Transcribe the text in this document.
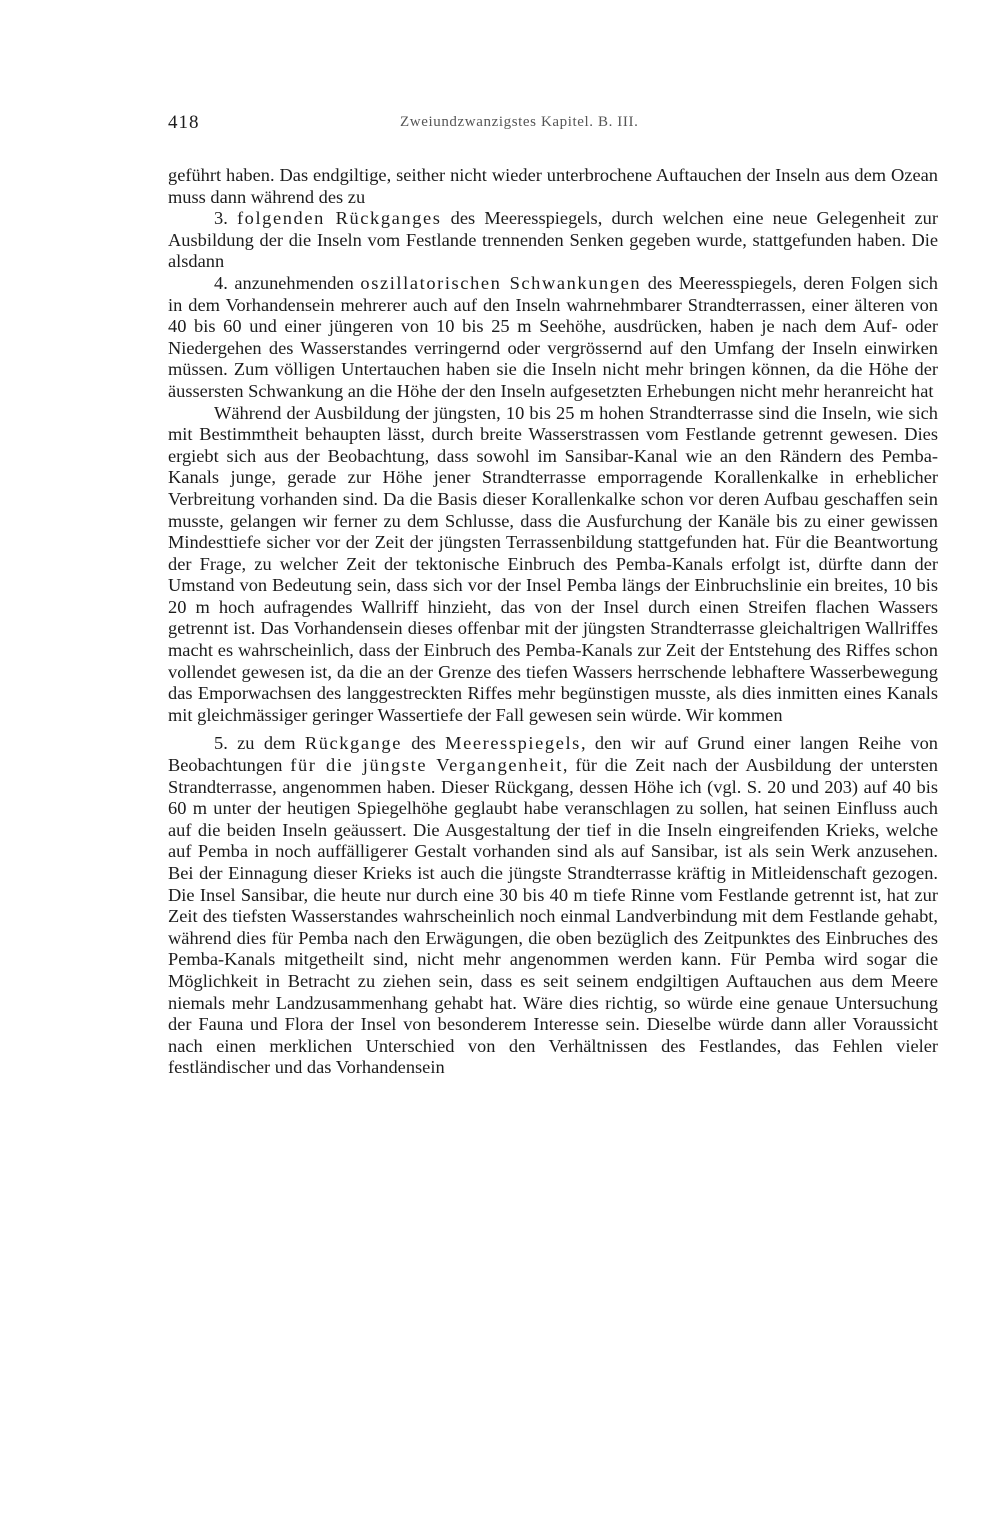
418	Zweiundzwanzigstes Kapitel. B. III.

geführt haben. Das endgiltige, seither nicht wieder unterbrochene Auftauchen der Inseln aus dem Ozean muss dann während des zu

3. folgenden Rückganges des Meeresspiegels, durch welchen eine neue Gelegenheit zur Ausbildung der die Inseln vom Festlande trennenden Senken gegeben wurde, stattgefunden haben. Die alsdann

4. anzunehmenden oszillatorischen Schwankungen des Meeresspiegels, deren Folgen sich in dem Vorhandensein mehrerer auch auf den Inseln wahrnehmbarer Strandterrassen, einer älteren von 40 bis 60 und einer jüngeren von 10 bis 25 m Seehöhe, ausdrücken, haben je nach dem Auf- oder Niedergehen des Wasserstandes verringernd oder vergrössernd auf den Umfang der Inseln einwirken müssen. Zum völligen Untertauchen haben sie die Inseln nicht mehr bringen können, da die Höhe der äussersten Schwankung an die Höhe der den Inseln aufgesetzten Erhebungen nicht mehr heranreicht hat

Während der Ausbildung der jüngsten, 10 bis 25 m hohen Strandterrasse sind die Inseln, wie sich mit Bestimmtheit behaupten lässt, durch breite Wasserstrassen vom Festlande getrennt gewesen. Dies ergiebt sich aus der Beobachtung, dass sowohl im Sansibar-Kanal wie an den Rändern des Pemba-Kanals junge, gerade zur Höhe jener Strandterrasse emporragende Korallenkalke in erheblicher Verbreitung vorhanden sind. Da die Basis dieser Korallenkalke schon vor deren Aufbau geschaffen sein musste, gelangen wir ferner zu dem Schlusse, dass die Ausfurchung der Kanäle bis zu einer gewissen Mindesttiefe sicher vor der Zeit der jüngsten Terrassenbildung stattgefunden hat. Für die Beantwortung der Frage, zu welcher Zeit der tektonische Einbruch des Pemba-Kanals erfolgt ist, dürfte dann der Umstand von Bedeutung sein, dass sich vor der Insel Pemba längs der Einbruchslinie ein breites, 10 bis 20 m hoch aufragendes Wallriff hinzieht, das von der Insel durch einen Streifen flachen Wassers getrennt ist. Das Vorhandensein dieses offenbar mit der jüngsten Strandterrasse gleichaltrigen Wallriffes macht es wahrscheinlich, dass der Einbruch des Pemba-Kanals zur Zeit der Entstehung des Riffes schon vollendet gewesen ist, da die an der Grenze des tiefen Wassers herrschende lebhaftere Wasserbewegung das Emporwachsen des langgestreckten Riffes mehr begünstigen musste, als dies inmitten eines Kanals mit gleichmässiger geringer Wassertiefe der Fall gewesen sein würde. Wir kommen

5. zu dem Rückgange des Meeresspiegels, den wir auf Grund einer langen Reihe von Beobachtungen für die jüngste Vergangenheit, für die Zeit nach der Ausbildung der untersten Strandterrasse, angenommen haben. Dieser Rückgang, dessen Höhe ich (vgl. S. 20 und 203) auf 40 bis 60 m unter der heutigen Spiegelhöhe geglaubt habe veranschlagen zu sollen, hat seinen Einfluss auch auf die beiden Inseln geäussert. Die Ausgestaltung der tief in die Inseln eingreifenden Krieks, welche auf Pemba in noch auffälligerer Gestalt vorhanden sind als auf Sansibar, ist als sein Werk anzusehen. Bei der Einnagung dieser Krieks ist auch die jüngste Strandterrasse kräftig in Mitleidenschaft gezogen. Die Insel Sansibar, die heute nur durch eine 30 bis 40 m tiefe Rinne vom Festlande getrennt ist, hat zur Zeit des tiefsten Wasserstandes wahrscheinlich noch einmal Landverbindung mit dem Festlande gehabt, während dies für Pemba nach den Erwägungen, die oben bezüglich des Zeitpunktes des Einbruches des Pemba-Kanals mitgetheilt sind, nicht mehr angenommen werden kann. Für Pemba wird sogar die Möglichkeit in Betracht zu ziehen sein, dass es seit seinem endgiltigen Auftauchen aus dem Meere niemals mehr Landzusammenhang gehabt hat. Wäre dies richtig, so würde eine genaue Untersuchung der Fauna und Flora der Insel von besonderem Interesse sein. Dieselbe würde dann aller Voraussicht nach einen merklichen Unterschied von den Verhältnissen des Festlandes, das Fehlen vieler festländischer und das Vorhandensein
